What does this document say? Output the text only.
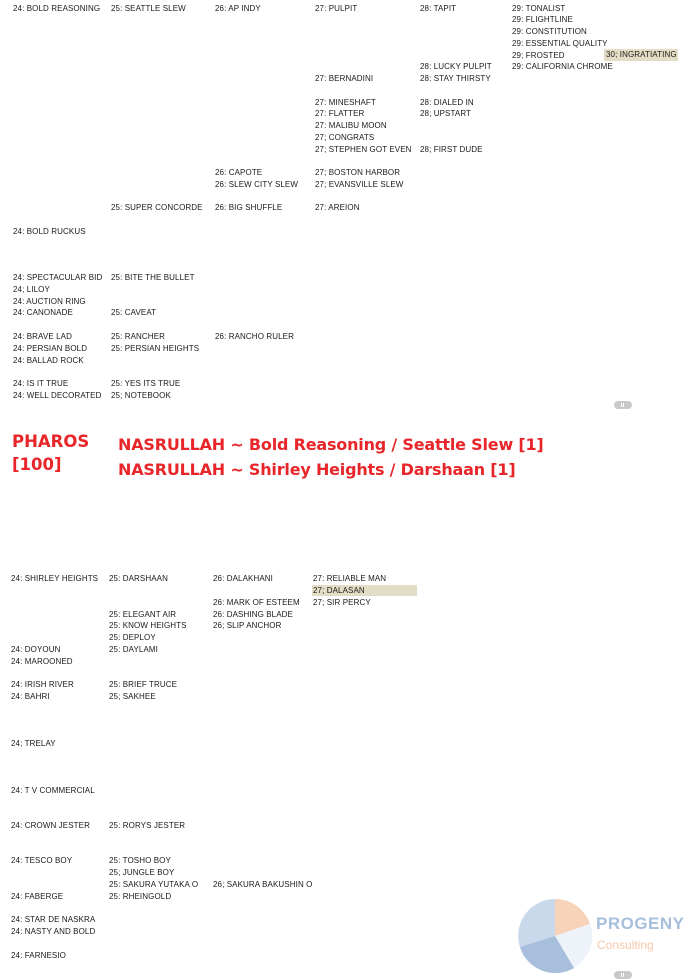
24: BOLD REASONING
24: BOLD RUCKUS
24: SPECTACULAR BID
24; LILOY
24: AUCTION RING
24: CANONADE
24: BRAVE LAD
24: PERSIAN BOLD
24: BALLAD ROCK
24: IS IT TRUE
24: WELL DECORATED
25: SEATTLE SLEW
25: SUPER CONCORDE
25: BITE THE BULLET
25: CAVEAT
25: RANCHER
25: PERSIAN HEIGHTS
25: YES ITS TRUE
25; NOTEBOOK
26: AP INDY
26: CAPOTE
26: SLEW CITY SLEW
26: BIG SHUFFLE
26: RANCHO RULER
27: PULPIT
27: BERNADINI
27: MINESHAFT
27: FLATTER
27: MALIBU MOON
27; CONGRATS
27; STEPHEN GOT EVEN
27; BOSTON HARBOR
27; EVANSVILLE SLEW
27: AREION
28: TAPIT
28: LUCKY PULPIT
28: STAY THIRSTY
28: DIALED IN
28; UPSTART
28; FIRST DUDE
29: TONALIST
29: FLIGHTLINE
29: CONSTITUTION
29: ESSENTIAL QUALITY
29; FROSTED
29: CALIFORNIA CHROME
30; INGRATIATING
PHAROS
[100]
NASRULLAH ~ Bold Reasoning / Seattle Slew [1]
NASRULLAH ~ Shirley Heights / Darshaan [1]
24: SHIRLEY HEIGHTS
24: DOYOUN
24: MAROONED
24: IRISH RIVER
24: BAHRI
24; TRELAY
24: T V COMMERCIAL
24: CROWN JESTER
24: TESCO BOY
24: FABERGE
24: STAR DE NASKRA
24: NASTY AND BOLD
24: FARNESIO
25: DARSHAAN
25: ELEGANT AIR
25: KNOW HEIGHTS
25: DEPLOY
25: DAYLAMI
25: BRIEF TRUCE
25; SAKHEE
25: RORYS JESTER
25: TOSHO BOY
25; JUNGLE BOY
25: SAKURA YUTAKA O
25: RHEINGOLD
26: DALAKHANI
26: MARK OF ESTEEM
26: DASHING BLADE
26; SLIP ANCHOR
26; SAKURA BAKUSHIN O
27: RELIABLE MAN
27; DALASAN
27; SIR PERCY
PROGENY
Consulting
